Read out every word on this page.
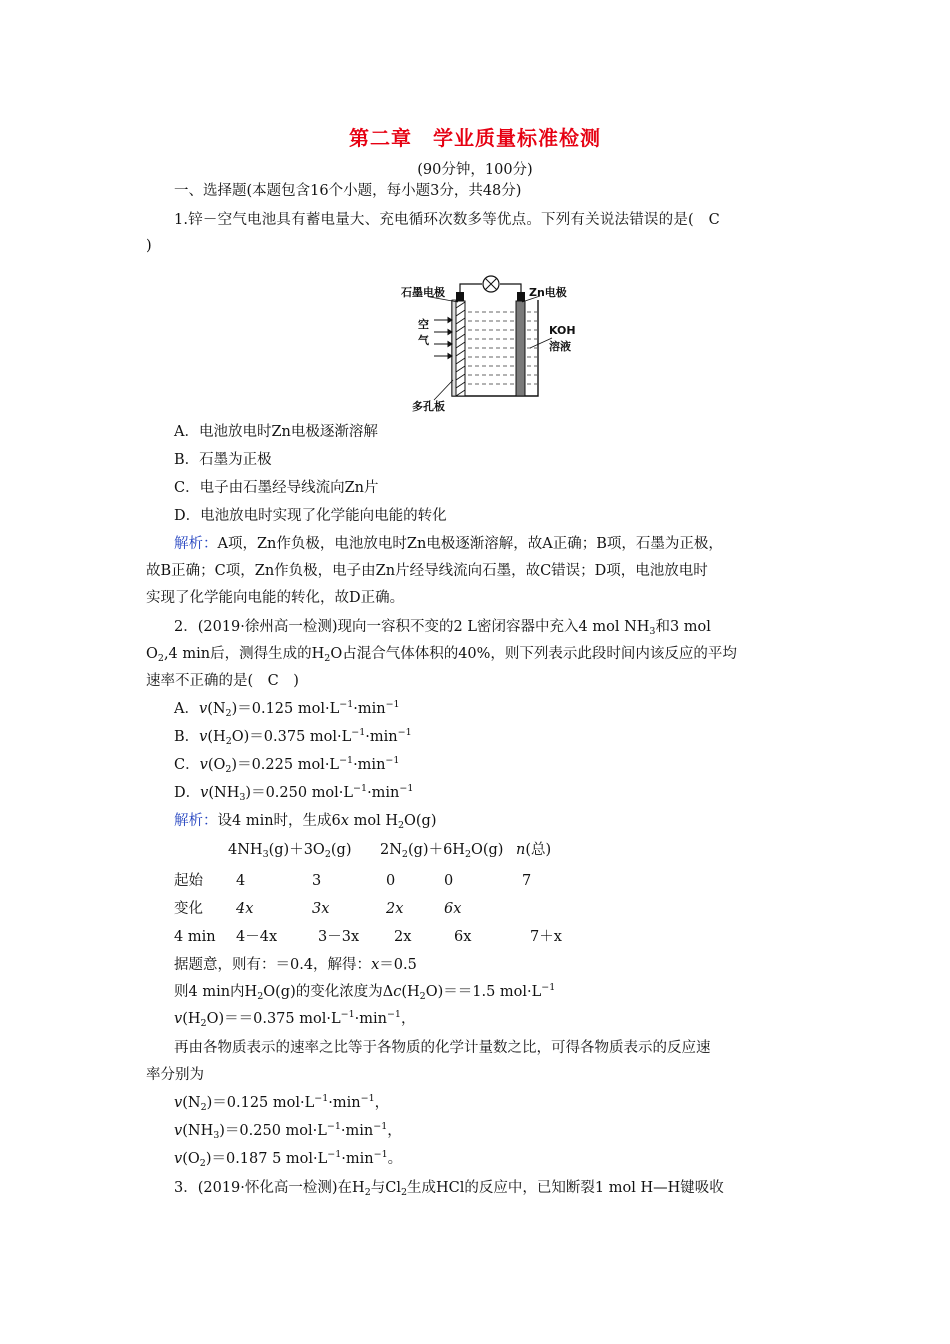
第二章　学业质量标准检测
(90分钟，100分)
一、选择题(本题包含16个小题，每小题3分，共48分)
1.锌－空气电池具有蓄电量大、充电循环次数多等优点。下列有关说法错误的是(　C
)
石墨电极	Zn电极
空
气
KOH
溶液
多孔板
A．电池放电时Zn电极逐渐溶解
B．石墨为正极
C．电子由石墨经导线流向Zn片
D．电池放电时实现了化学能向电能的转化
解析：A项，Zn作负极，电池放电时Zn电极逐渐溶解，故A正确；B项，石墨为正极，
故B正确；C项，Zn作负极，电子由Zn片经导线流向石墨，故C错误；D项，电池放电时
实现了化学能向电能的转化，故D正确。
2．(2019·徐州高一检测)现向一容积不变的2 L密闭容器中充入4 mol $NH_3$和3 mol
$O_2,4$ min后，测得生成的$H_2O$占混合气体体积的40%，则下列表示此段时间内该反应的平均
速率不正确的是(　C　)
A．$v(N_2)=0.125$ $mol\cdot L^{-1}\cdot\min^{-1}$
B．$v(H_2O)=0.375$ $mol\cdot L^{-1}\cdot\min^{-1}$
C．$v(O_2)=0.225$ $mol\cdot L^{-1}\cdot\min^{-1}$
D．$v(NH_3)=0.250$ $mol\cdot L^{-1}\cdot\min^{-1}$
解析：设4 min时，生成6x mol $H_2O(g)$
$4NH_3(g)+3O_2(g)$ $2N_2(g)+6H_2O(g)$ n(总)
起始 4	3	0	0	7
变化 4x	3x	2x	6x
4 min 4－4x	3－3x 2x	6x	7＋x
据题意，则有：＝0.4，解得：x＝0.5
则4 min内$H_2O(g)$的变化浓度为$\Delta c(H_2O)==1.5$ $mol\cdot L^{-1}$
$v(H_2O)==0.375$ $mol\cdot L^{-1}\cdot\min^{-1}$，
再由各物质表示的速率之比等于各物质的化学计量数之比，可得各物质表示的反应速
率分别为
$v(N_2)=0.125$ $mol\cdot L^{-1}\cdot\min^{-1}$，
$v(NH_3)=0.250$ $mol\cdot L^{-1}\cdot\min^{-1}$，
$v(O_2)=0.187$ 5 $mol\cdot L^{-1}\cdot\min^{-1}$。
3．(2019·怀化高一检测)在$H_2$与$Cl_2$生成HCl的反应中，已知断裂1 mol H—H键吸收
